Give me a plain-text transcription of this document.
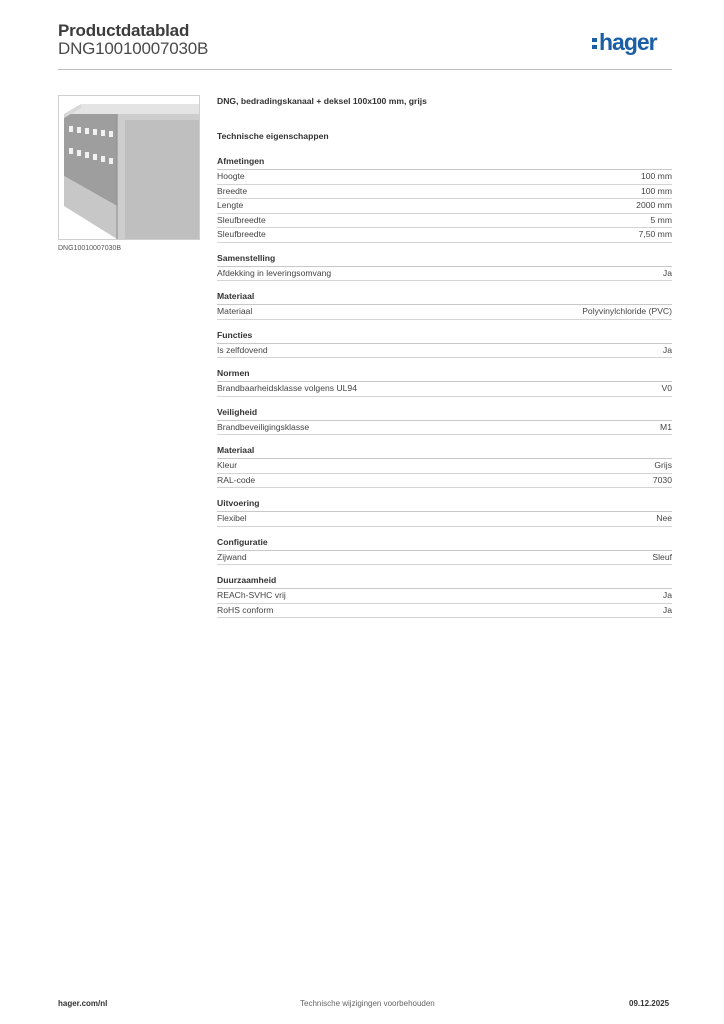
Productdatablad
DNG10010007030B	hager
DNG10010007030B
DNG, bedradingskanaal + deksel 100x100 mm, grijs
Technische eigenschappen
Afmetingen
Hoogte	100 mm
Breedte	100 mm
Lengte	2000 mm
Sleufbreedte	5 mm
Sleufbreedte	7,50 mm
Samenstelling
Afdekking in leveringsomvang	Ja
Materiaal
Materiaal	Polyvinylchloride (PVC)
Functies
Is zelfdovend	Ja
Normen
Brandbaarheidsklasse volgens UL94	V0
Veiligheid
Brandbeveiligingsklasse	M1
Materiaal
Kleur	Grijs
RAL-code	7030
Uitvoering
Flexibel	Nee
Configuratie
Zijwand	Sleuf
Duurzaamheid
REACh-SVHC vrij	Ja
RoHS conform	Ja
hager.com/nl	Technische wijzigingen voorbehouden	09.12.2025
